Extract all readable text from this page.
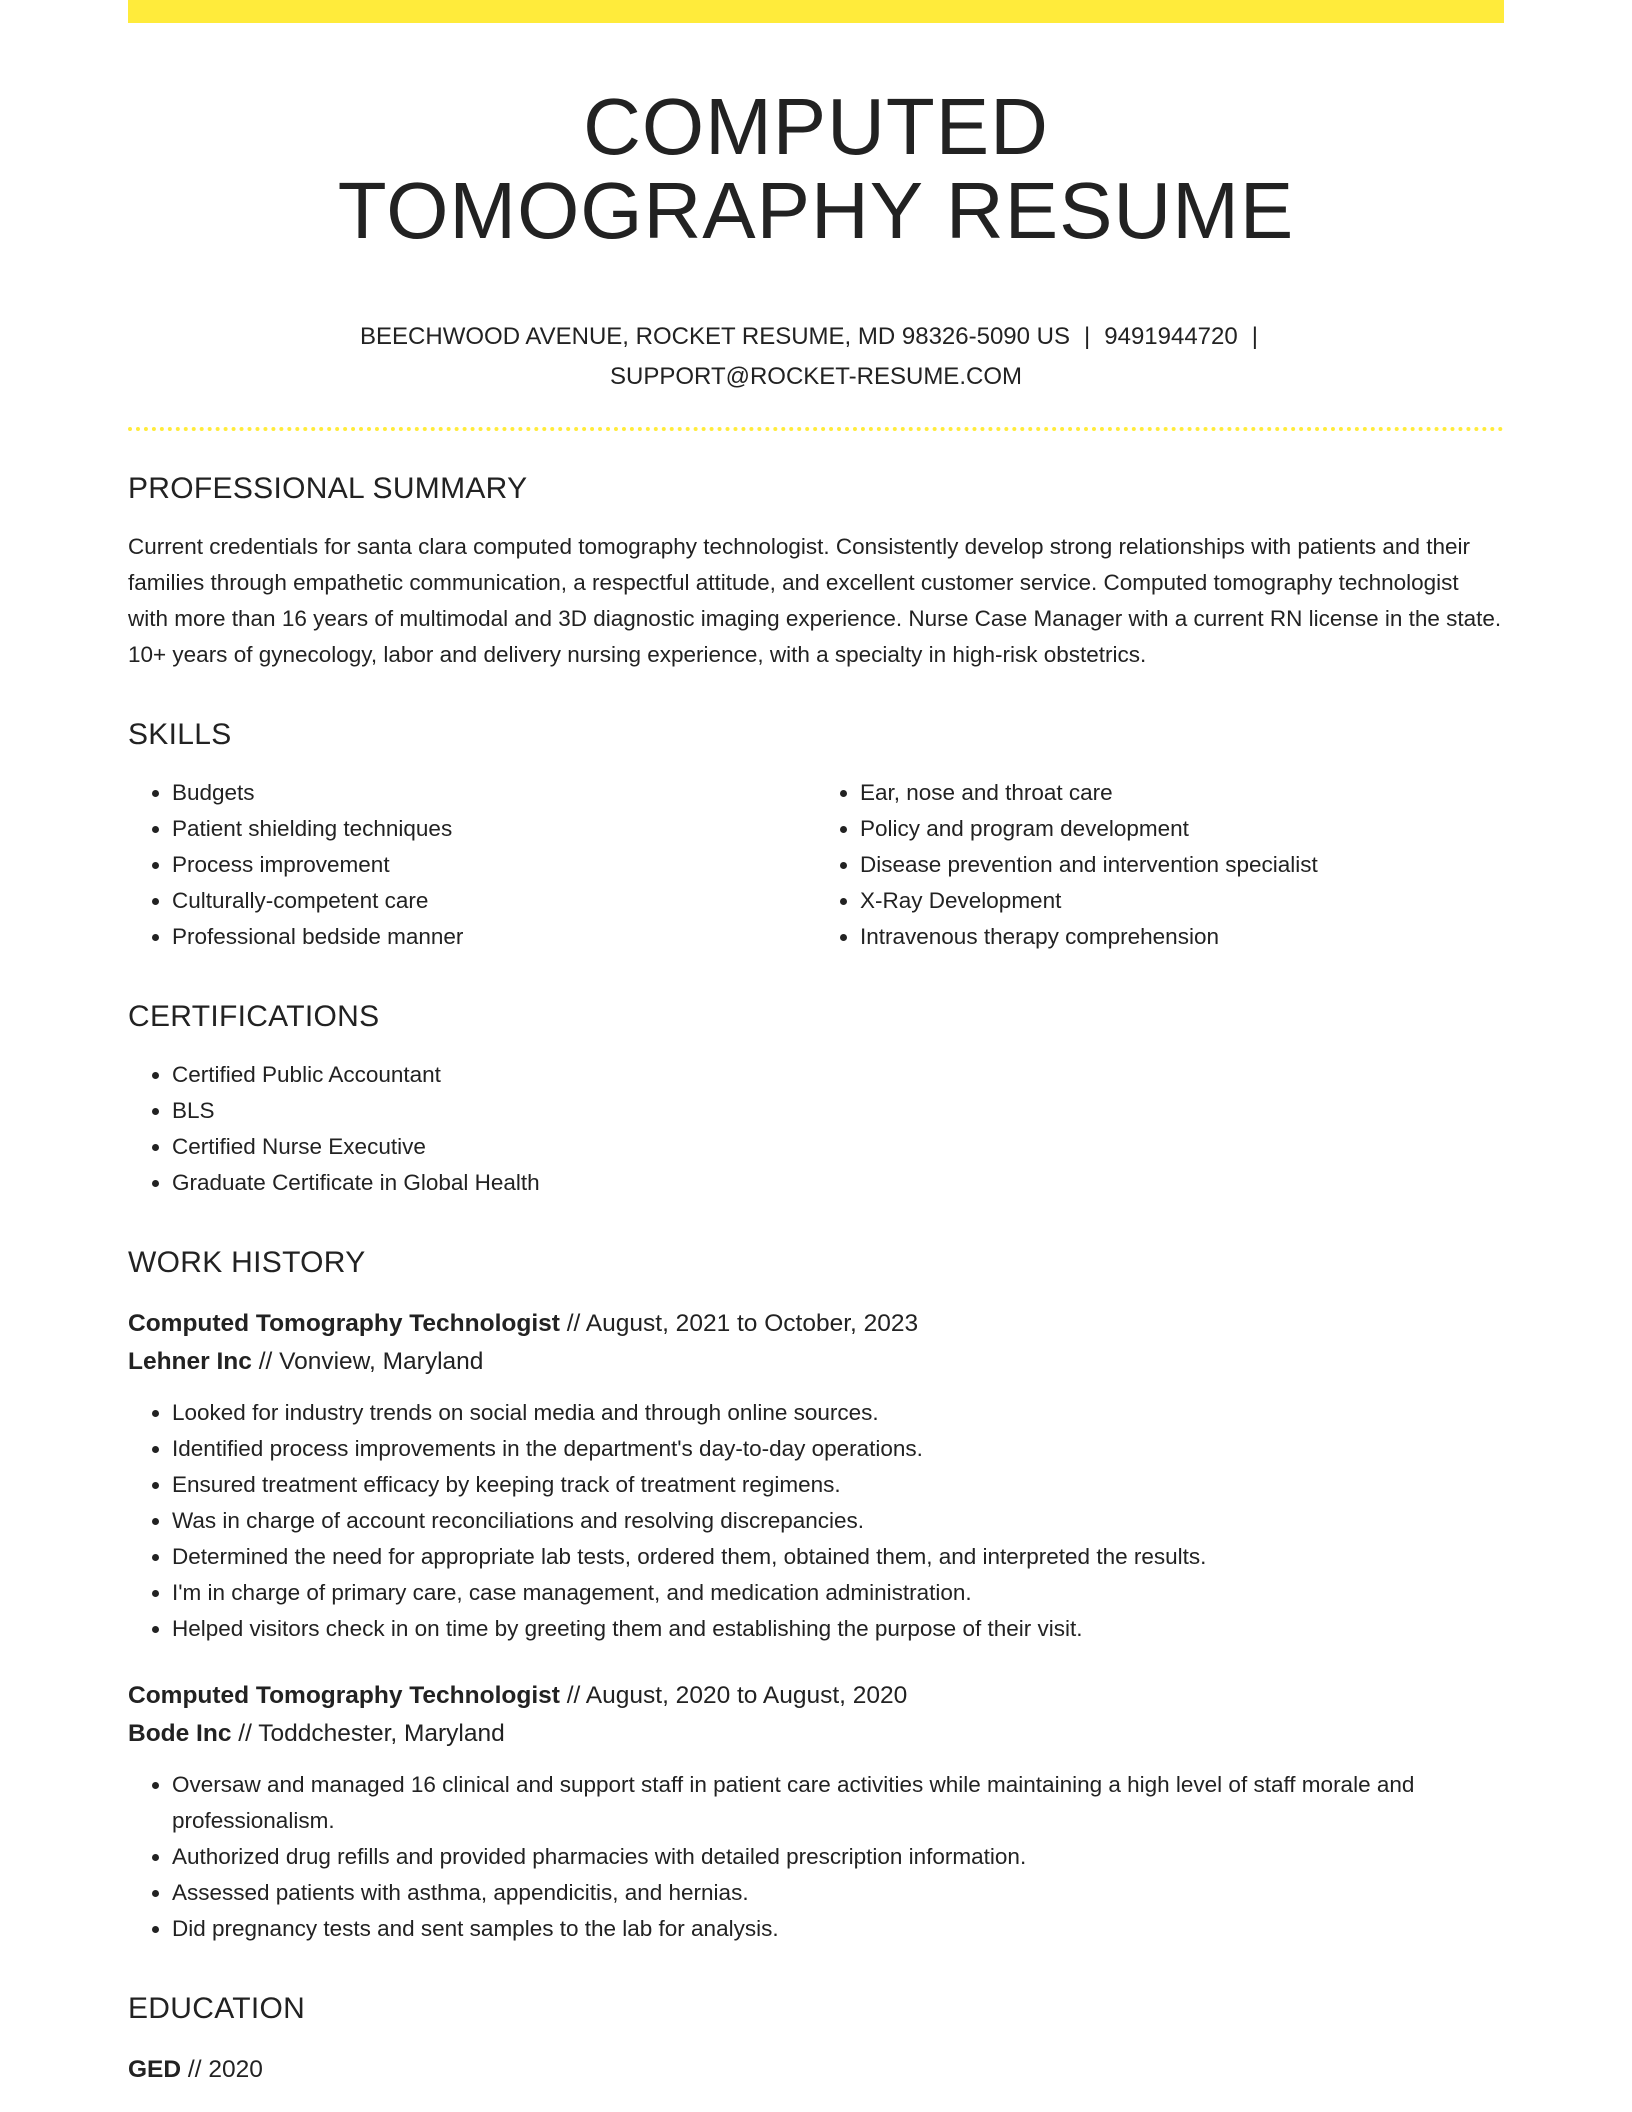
COMPUTED
TOMOGRAPHY RESUME
BEECHWOOD AVENUE, ROCKET RESUME, MD 98326-5090 US | 9491944720 |
SUPPORT@ROCKET-RESUME.COM
PROFESSIONAL SUMMARY

Current credentials for santa clara computed tomography technologist. Consistently develop strong relationships with patients and their families through empathetic communication, a respectful attitude, and excellent customer service. Computed tomography technologist with more than 16 years of multimodal and 3D diagnostic imaging experience. Nurse Case Manager with a current RN license in the state. 10+ years of gynecology, labor and delivery nursing experience, with a specialty in high-risk obstetrics.

SKILLS
• Budgets
• Patient shielding techniques
• Process improvement
• Culturally-competent care
• Professional bedside manner
• Ear, nose and throat care
• Policy and program development
• Disease prevention and intervention specialist
• X-Ray Development
• Intravenous therapy comprehension
CERTIFICATIONS
• Certified Public Accountant
• BLS
• Certified Nurse Executive
• Graduate Certificate in Global Health
WORK HISTORY
Computed Tomography Technologist // August, 2021 to October, 2023
Lehner Inc // Vonview, Maryland
• Looked for industry trends on social media and through online sources.
• Identified process improvements in the department's day-to-day operations.
• Ensured treatment efficacy by keeping track of treatment regimens.
• Was in charge of account reconciliations and resolving discrepancies.
• Determined the need for appropriate lab tests, ordered them, obtained them, and interpreted the results.
• I'm in charge of primary care, case management, and medication administration.
• Helped visitors check in on time by greeting them and establishing the purpose of their visit.
Computed Tomography Technologist // August, 2020 to August, 2020
Bode Inc // Toddchester, Maryland
• Oversaw and managed 16 clinical and support staff in patient care activities while maintaining a high level of staff morale and professionalism.
• Authorized drug refills and provided pharmacies with detailed prescription information.
• Assessed patients with asthma, appendicitis, and hernias.
• Did pregnancy tests and sent samples to the lab for analysis.
EDUCATION
GED // 2020
